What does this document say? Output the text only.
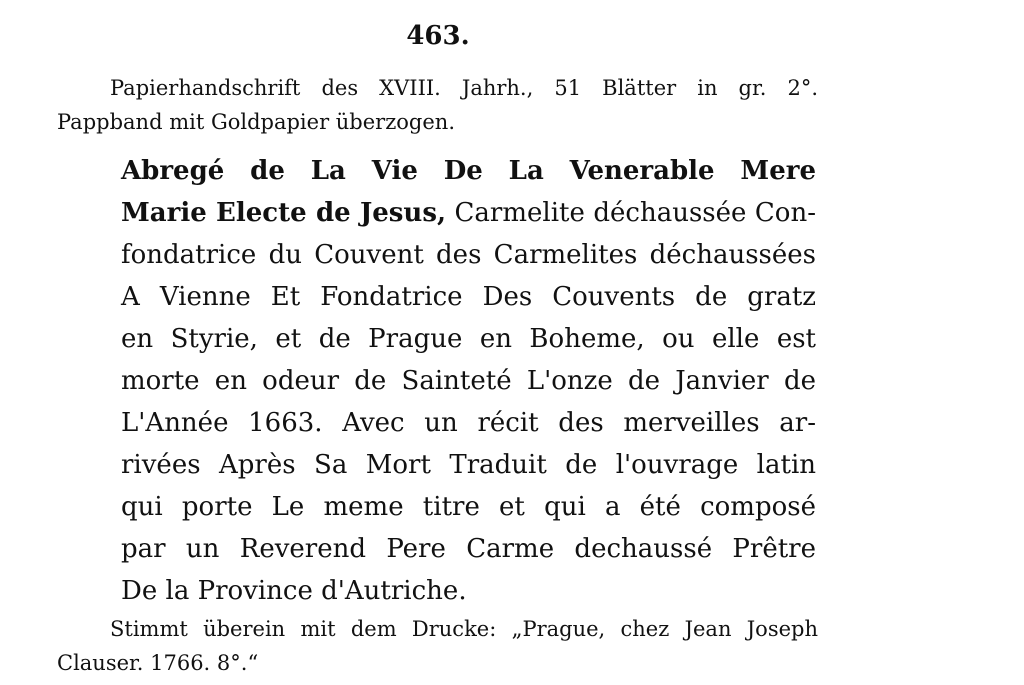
463.
Papierhandschrift des XVIII. Jahrh., 51 Blätter in gr. 2°.
Pappband mit Goldpapier überzogen.
Abregé de La Vie De La Venerable Mere
Marie Electe de Jesus, Carmelite déchaussée Con-
fondatrice du Couvent des Carmelites déchaussées
A Vienne Et Fondatrice Des Couvents de gratz
en Styrie, et de Prague en Boheme, ou elle est
morte en odeur de Sainteté L'onze de Janvier de
L'Année 1663. Avec un récit des merveilles ar-
rivées Après Sa Mort Traduit de l'ouvrage latin
qui porte Le meme titre et qui a été composé
par un Reverend Pere Carme dechaussé Prêtre
De la Province d'Autriche.
Stimmt überein mit dem Drucke: „Prague, chez Jean Joseph
Clauser. 1766. 8°.“
